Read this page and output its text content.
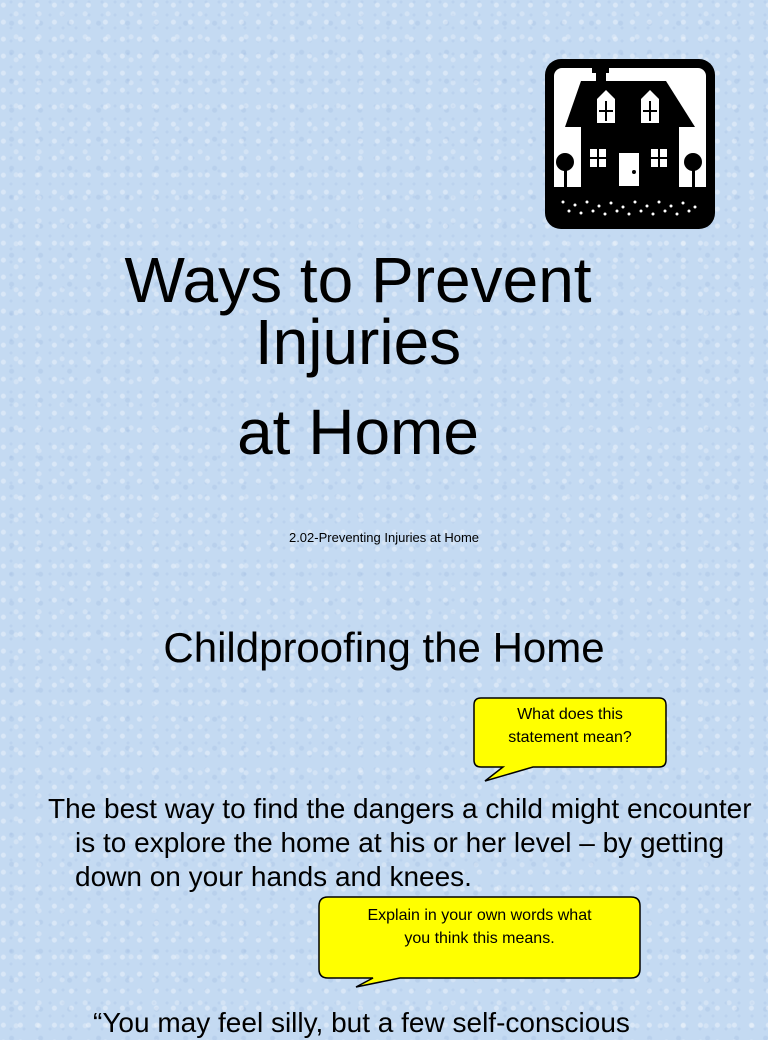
Ways to Prevent
Injuries
at Home
2.02-Preventing Injuries at Home
Childproofing the Home
What does this
statement mean?
The best way to find the dangers a child might encounter is to explore the home at his or her level – by getting down on your hands and knees.
Explain in your own words what
you think this means.
“You may feel silly, but a few self-conscious
